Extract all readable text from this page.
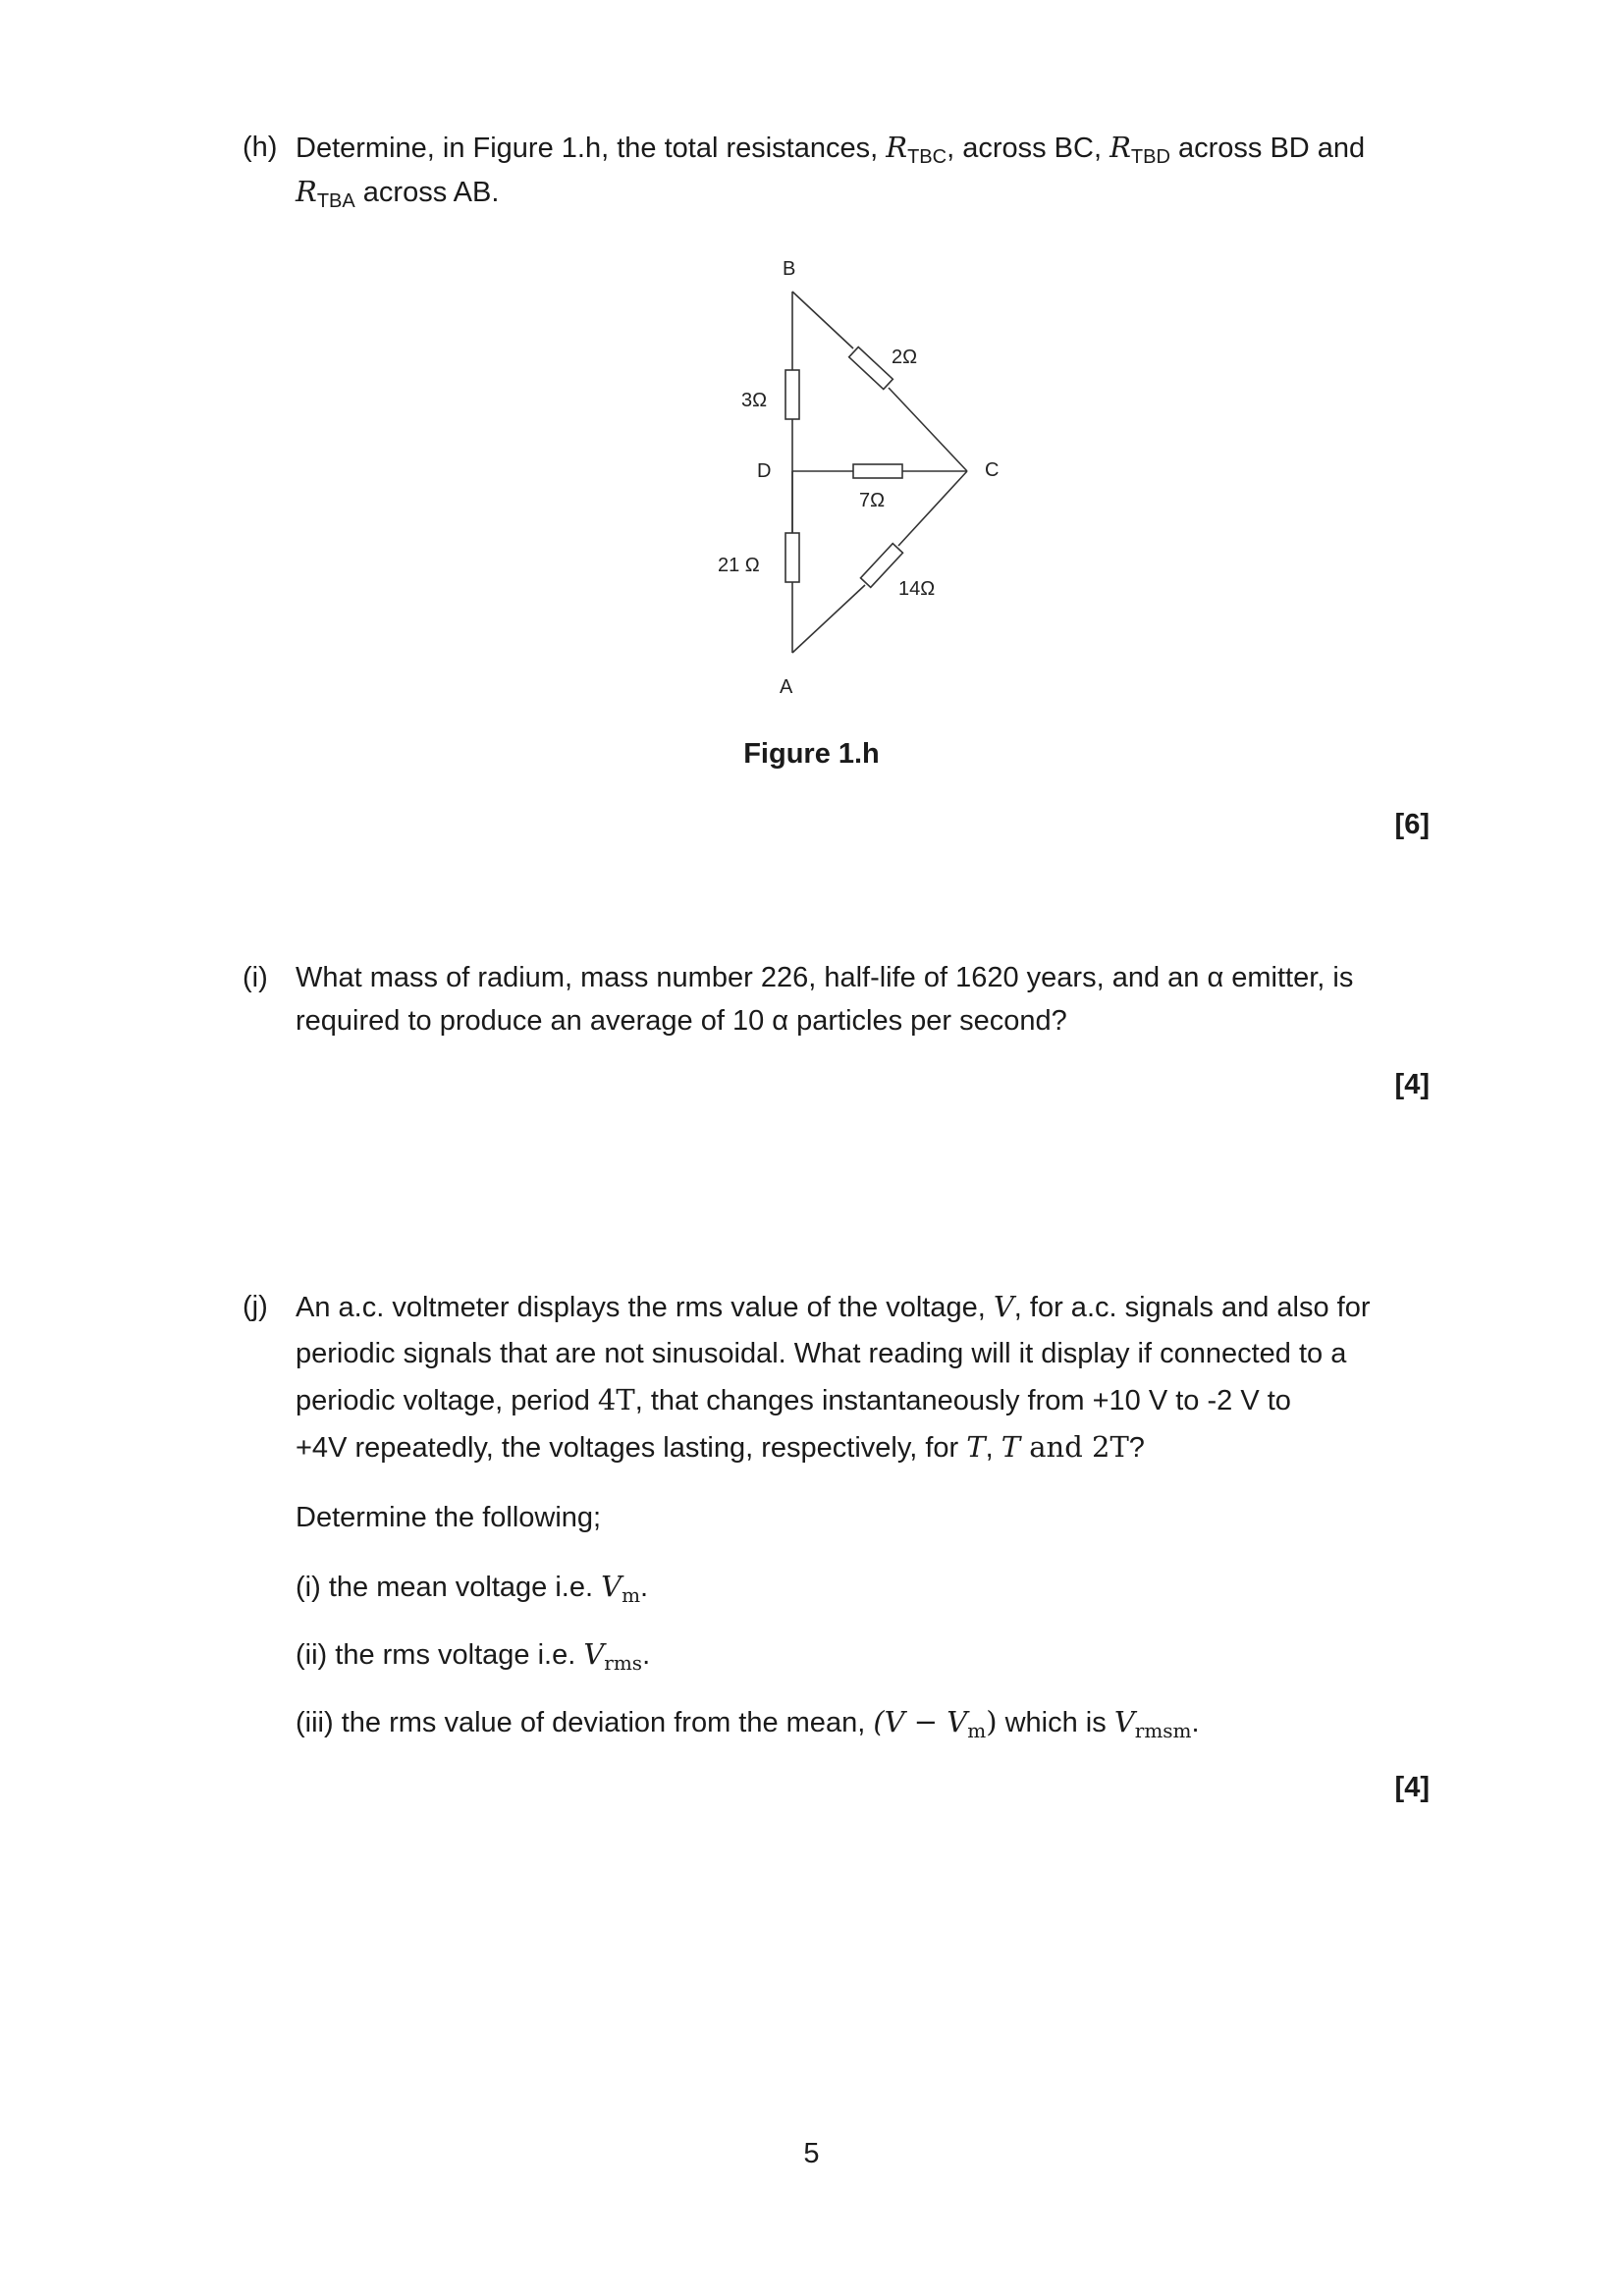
(h) Determine, in Figure 1.h, the total resistances, $R_{TBC}$, across BC, $R_{TBD}$ across BD and
$R_{TBA}$ across AB.
B
C
D
A
3Ω
2Ω
7Ω
21 Ω
14Ω
Figure 1.h
[6]
(i) What mass of radium, mass number 226, half-life of 1620 years, and an α emitter, is
required to produce an average of 10 α particles per second?
[4]
(j) An a.c. voltmeter displays the rms value of the voltage, V, for a.c. signals and also for
periodic signals that are not sinusoidal. What reading will it display if connected to a
periodic voltage, period 4T, that changes instantaneously from +10 V to -2 V to
+4V repeatedly, the voltages lasting, respectively, for T, T and 2T?
Determine the following;
(i) the mean voltage i.e. $V_m$.
(ii) the rms voltage i.e. $V_{rms}$.
(iii) the rms value of deviation from the mean, $(V - V_m)$ which is $V_{rmsm}$.
[4]
5
